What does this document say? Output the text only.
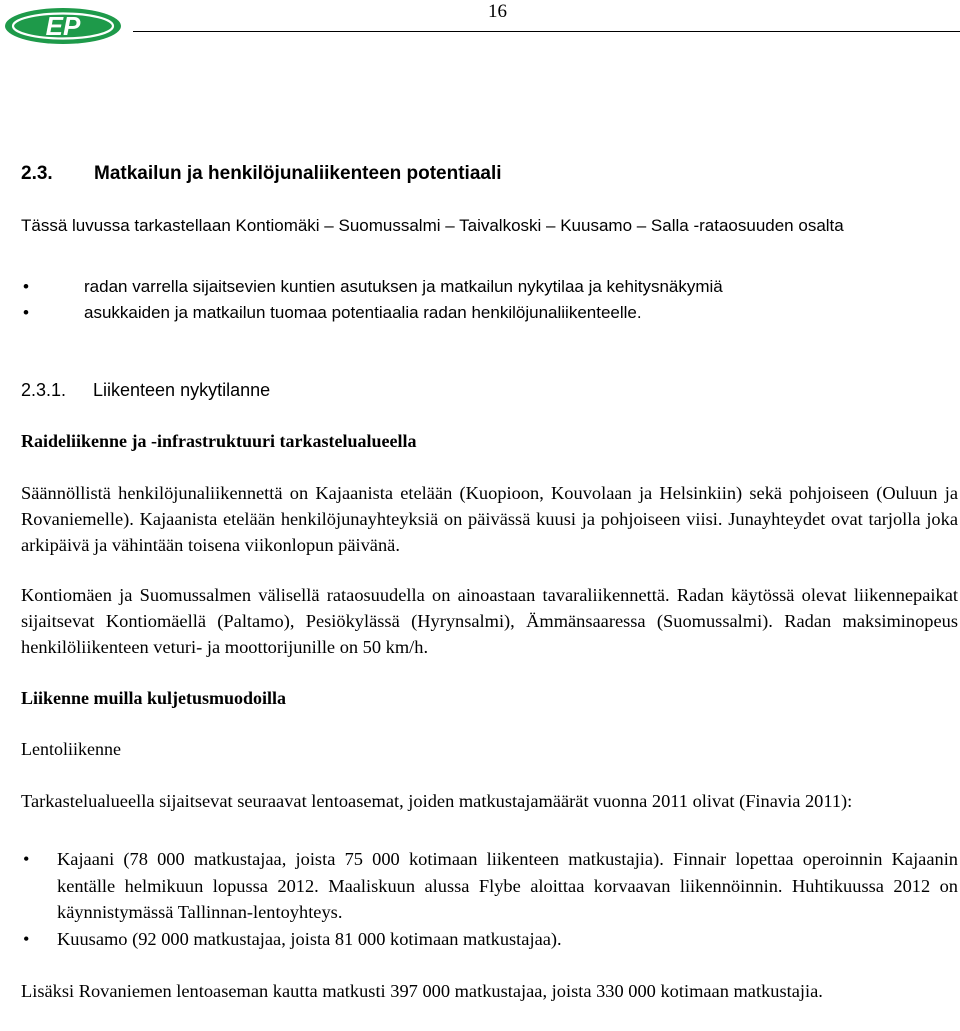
EP	16
2.3. Matkailun ja henkilöjunaliikenteen potentiaali
Tässä luvussa tarkastellaan Kontiomäki – Suomussalmi – Taivalkoski – Kuusamo – Salla -rataosuuden osalta
•	radan varrella sijaitsevien kuntien asutuksen ja matkailun nykytilaa ja kehitysnäkymiä
•	asukkaiden ja matkailun tuomaa potentiaalia radan henkilöjunaliikenteelle.
2.3.1. Liikenteen nykytilanne
Raideliikenne ja -infrastruktuuri tarkastelualueella
Säännöllistä henkilöjunaliikennettä on Kajaanista etelään (Kuopioon, Kouvolaan ja Helsinkiin) sekä pohjoiseen (Ouluun ja Rovaniemelle). Kajaanista etelään henkilöjunayhteyksiä on päivässä kuusi ja pohjoiseen viisi. Junayhteydet ovat tarjolla joka arkipäivä ja vähintään toisena viikonlopun päivänä.
Kontiomäen ja Suomussalmen välisellä rataosuudella on ainoastaan tavaraliikennettä. Radan käytössä olevat liikennepaikat sijaitsevat Kontiomäellä (Paltamo), Pesiökylässä (Hyrynsalmi), Ämmänsaaressa (Suomussalmi). Radan maksiminopeus henkilöliikenteen veturi- ja moottorijunille on 50 km/h.
Liikenne muilla kuljetusmuodoilla
Lentoliikenne
Tarkastelualueella sijaitsevat seuraavat lentoasemat, joiden matkustajamäärät vuonna 2011 olivat (Finavia 2011):
• Kajaani (78 000 matkustajaa, joista 75 000 kotimaan liikenteen matkustajia). Finnair lopettaa operoinnin Kajaanin kentälle helmikuun lopussa 2012. Maaliskuun alussa Flybe aloittaa korvaavan liikennöinnin. Huhtikuussa 2012 on käynnistymässä Tallinnan-lentoyhteys.
• Kuusamo (92 000 matkustajaa, joista 81 000 kotimaan matkustajaa).
Lisäksi Rovaniemen lentoaseman kautta matkusti 397 000 matkustajaa, joista 330 000 kotimaan matkustajia.
